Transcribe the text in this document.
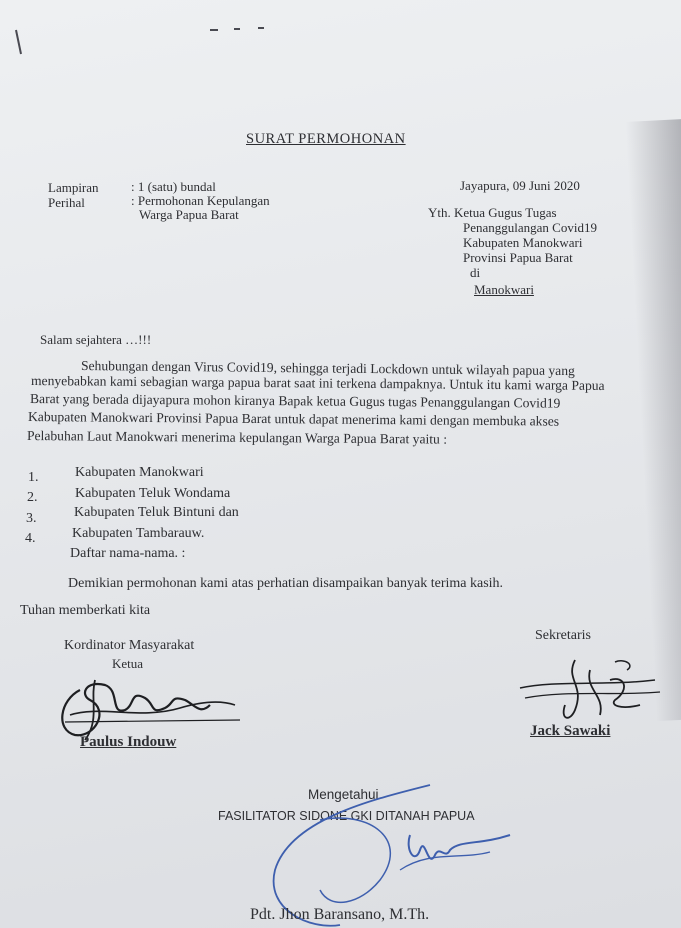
SURAT PERMOHONAN
Lampiran : 1 (satu) bundal
Perihal	: Permohonan Kepulangan
Warga Papua Barat
Jayapura, 09 Juni 2020
Yth. Ketua Gugus Tugas
Penanggulangan Covid19
Kabupaten Manokwari
Provinsi Papua Barat
di
Manokwari
Salam sejahtera …!!!
Sehubungan dengan Virus Covid19, sehingga terjadi Lockdown untuk wilayah papua yang
menyebabkan kami sebagian warga papua barat saat ini terkena dampaknya. Untuk itu kami warga Papua
Barat yang berada dijayapura mohon kiranya Bapak ketua Gugus tugas Penanggulangan Covid19
Kabupaten Manokwari Provinsi Papua Barat untuk dapat menerima kami dengan membuka akses
Pelabuhan Laut Manokwari menerima kepulangan Warga Papua Barat yaitu :
1.	Kabupaten Manokwari
2.	Kabupaten Teluk Wondama
3.	Kabupaten Teluk Bintuni dan
4.	Kabupaten Tambarauw.
Daftar nama-nama. :
Demikian permohonan kami atas perhatian disampaikan banyak terima kasih.
Tuhan memberkati kita
Kordinator Masyarakat
Ketua
Sekretaris
Paulus Indouw
Jack Sawaki
Mengetahui
FASILITATOR SIDONE GKI DITANAH PAPUA
Pdt. Jhon Baransano, M.Th.
